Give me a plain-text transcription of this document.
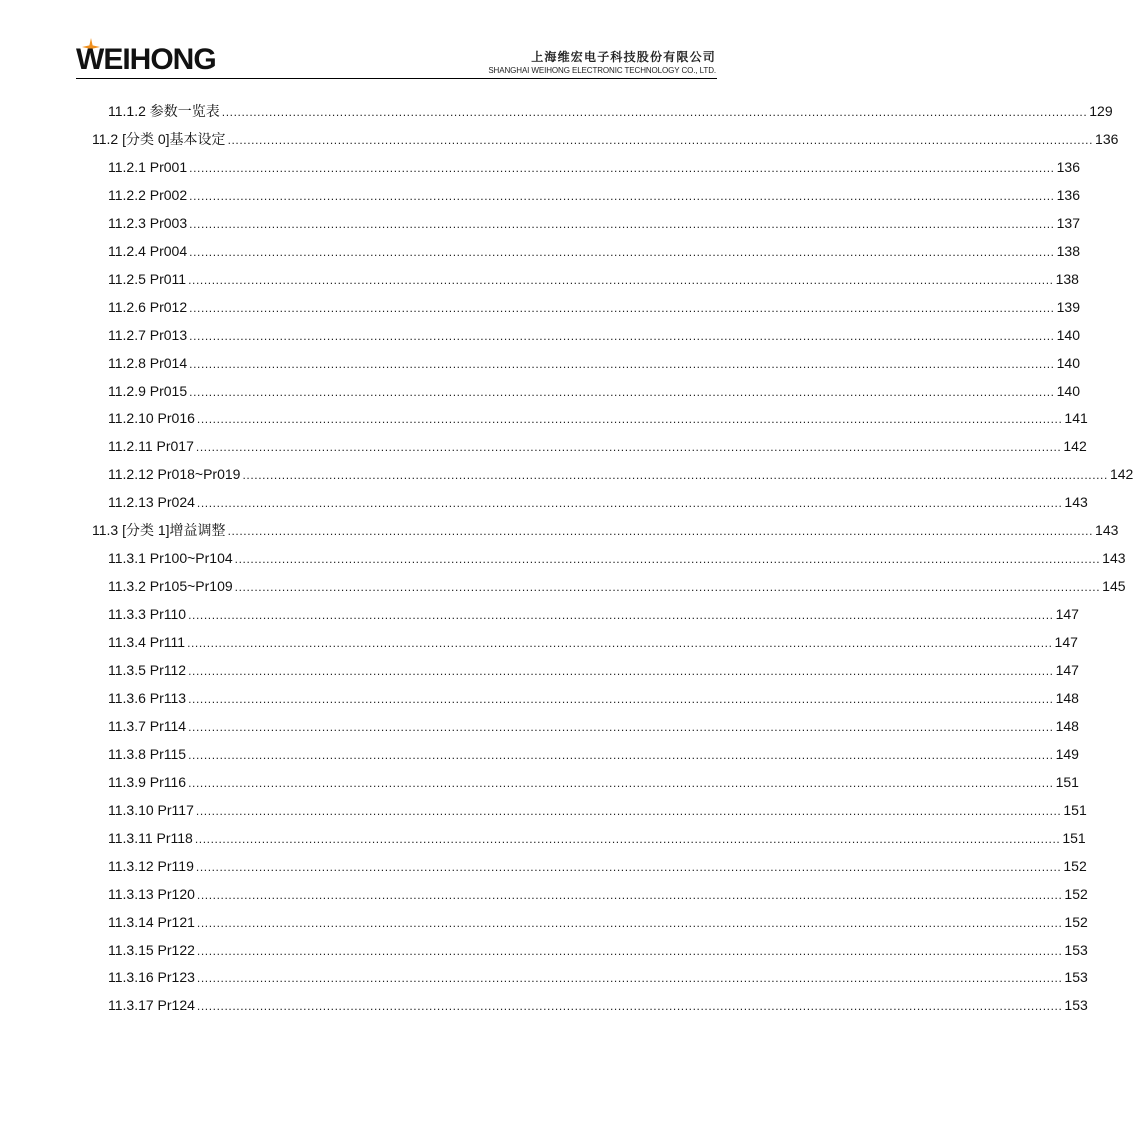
WEIHONG	上海维宏电子科技股份有限公司
SHANGHAI WEIHONG ELECTRONIC TECHNOLOGY CO., LTD.
11.1.2 参数一览表 ............................................................................................................................................................................................................................ 129
11.2 [分类 0]基本设定 ............................................................................................................................................................................................................................ 136
11.2.1 Pr001 ............................................................................................................................................................................................................................ 136
11.2.2 Pr002 ............................................................................................................................................................................................................................ 136
11.2.3 Pr003 ............................................................................................................................................................................................................................ 137
11.2.4 Pr004 ............................................................................................................................................................................................................................ 138
11.2.5 Pr011 ............................................................................................................................................................................................................................ 138
11.2.6 Pr012 ............................................................................................................................................................................................................................ 139
11.2.7 Pr013 ............................................................................................................................................................................................................................ 140
11.2.8 Pr014 ............................................................................................................................................................................................................................ 140
11.2.9 Pr015 ............................................................................................................................................................................................................................ 140
11.2.10 Pr016 ............................................................................................................................................................................................................................ 141
11.2.11 Pr017 ............................................................................................................................................................................................................................ 142
11.2.12 Pr018~Pr019 ............................................................................................................................................................................................................................ 142
11.2.13 Pr024 ............................................................................................................................................................................................................................ 143
11.3 [分类 1]增益调整 ............................................................................................................................................................................................................................ 143
11.3.1 Pr100~Pr104 ............................................................................................................................................................................................................................ 143
11.3.2 Pr105~Pr109 ............................................................................................................................................................................................................................ 145
11.3.3 Pr110 ............................................................................................................................................................................................................................ 147
11.3.4 Pr111 ............................................................................................................................................................................................................................ 147
11.3.5 Pr112 ............................................................................................................................................................................................................................ 147
11.3.6 Pr113 ............................................................................................................................................................................................................................ 148
11.3.7 Pr114 ............................................................................................................................................................................................................................ 148
11.3.8 Pr115 ............................................................................................................................................................................................................................ 149
11.3.9 Pr116 ............................................................................................................................................................................................................................ 151
11.3.10 Pr117 ............................................................................................................................................................................................................................ 151
11.3.11 Pr118 ............................................................................................................................................................................................................................ 151
11.3.12 Pr119 ............................................................................................................................................................................................................................ 152
11.3.13 Pr120 ............................................................................................................................................................................................................................ 152
11.3.14 Pr121 ............................................................................................................................................................................................................................ 152
11.3.15 Pr122 ............................................................................................................................................................................................................................ 153
11.3.16 Pr123 ............................................................................................................................................................................................................................ 153
11.3.17 Pr124 ............................................................................................................................................................................................................................ 153
